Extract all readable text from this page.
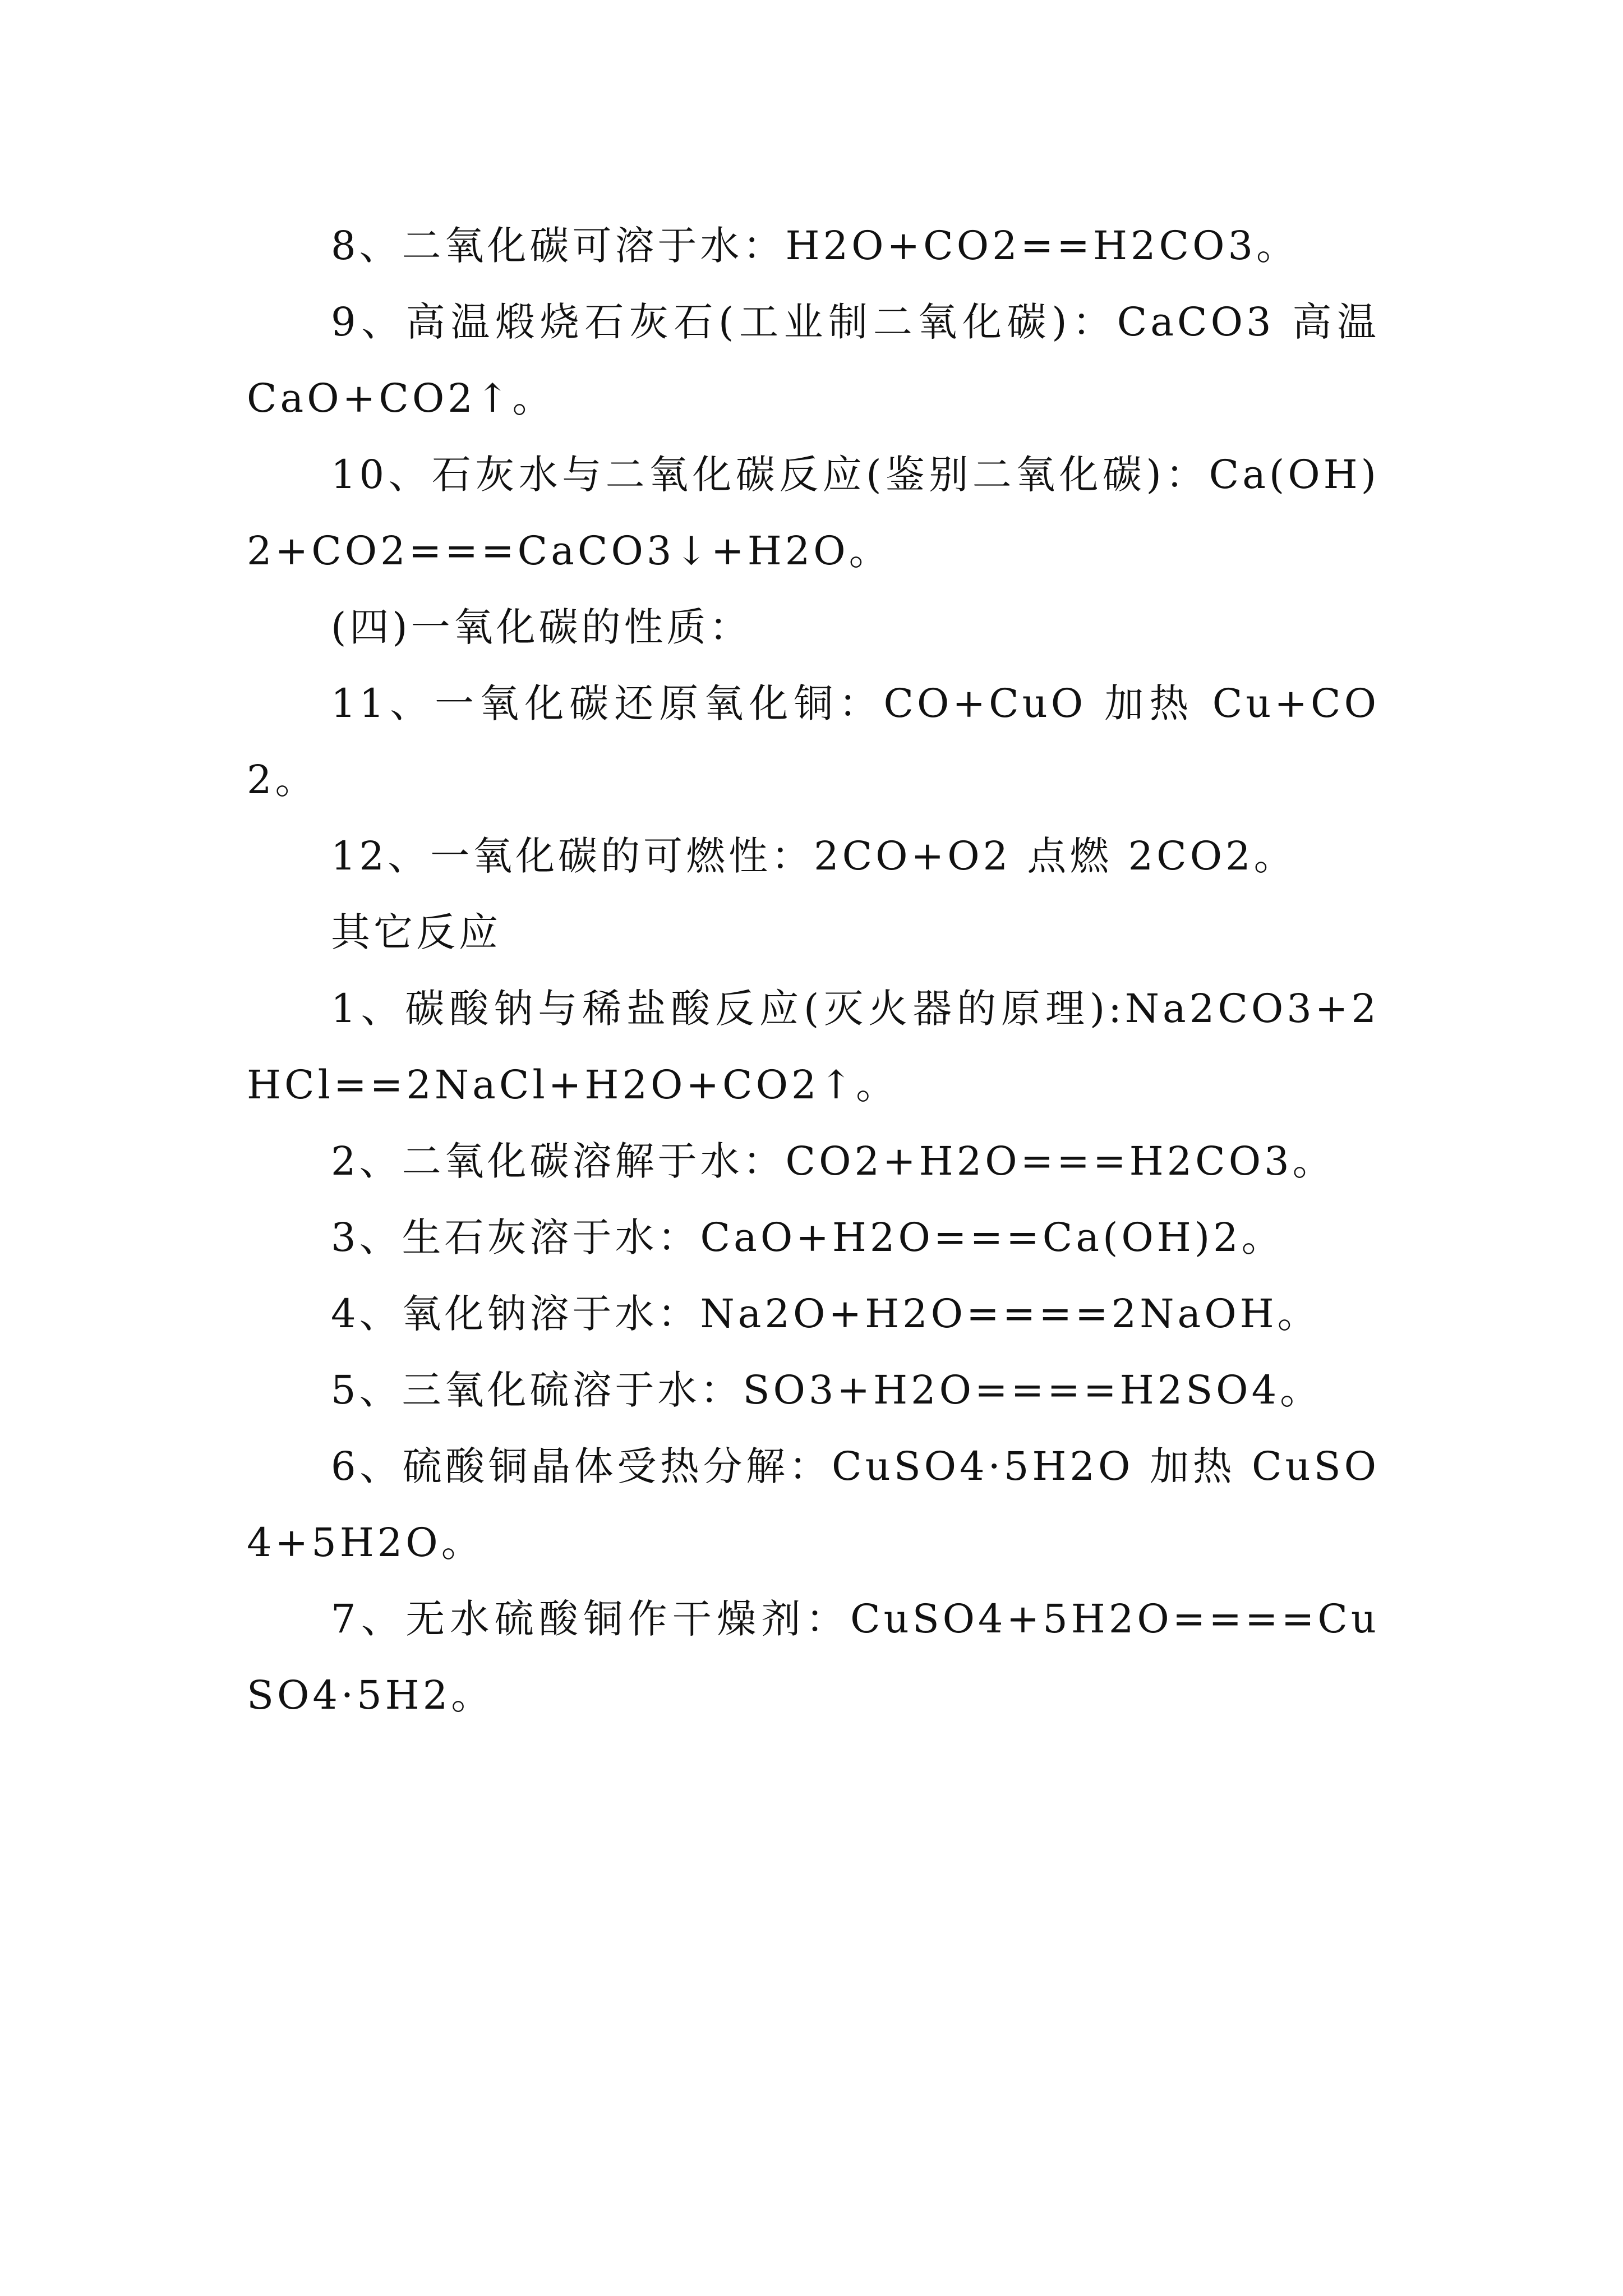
8、二氧化碳可溶于水：H2O+CO2==H2CO3。

9、高温煅烧石灰石(工业制二氧化碳)：CaCO3 高温 CaO+CO2↑。

10、石灰水与二氧化碳反应(鉴别二氧化碳)：Ca(OH)2+CO2===CaCO3↓+H2O。

(四)一氧化碳的性质：

11、一氧化碳还原氧化铜：CO+CuO 加热 Cu+CO2。

12、一氧化碳的可燃性：2CO+O2 点燃 2CO2。

其它反应

1、碳酸钠与稀盐酸反应(灭火器的原理):Na2CO3+2HCl==2NaCl+H2O+CO2↑。

2、二氧化碳溶解于水：CO2+H2O===H2CO3。

3、生石灰溶于水：CaO+H2O===Ca(OH)2。

4、氧化钠溶于水：Na2O+H2O====2NaOH。

5、三氧化硫溶于水：SO3+H2O====H2SO4。

6、硫酸铜晶体受热分解：CuSO4·5H2O 加热 CuSO4+5H2O。

7、无水硫酸铜作干燥剂：CuSO4+5H2O====CuSO4·5H2。
